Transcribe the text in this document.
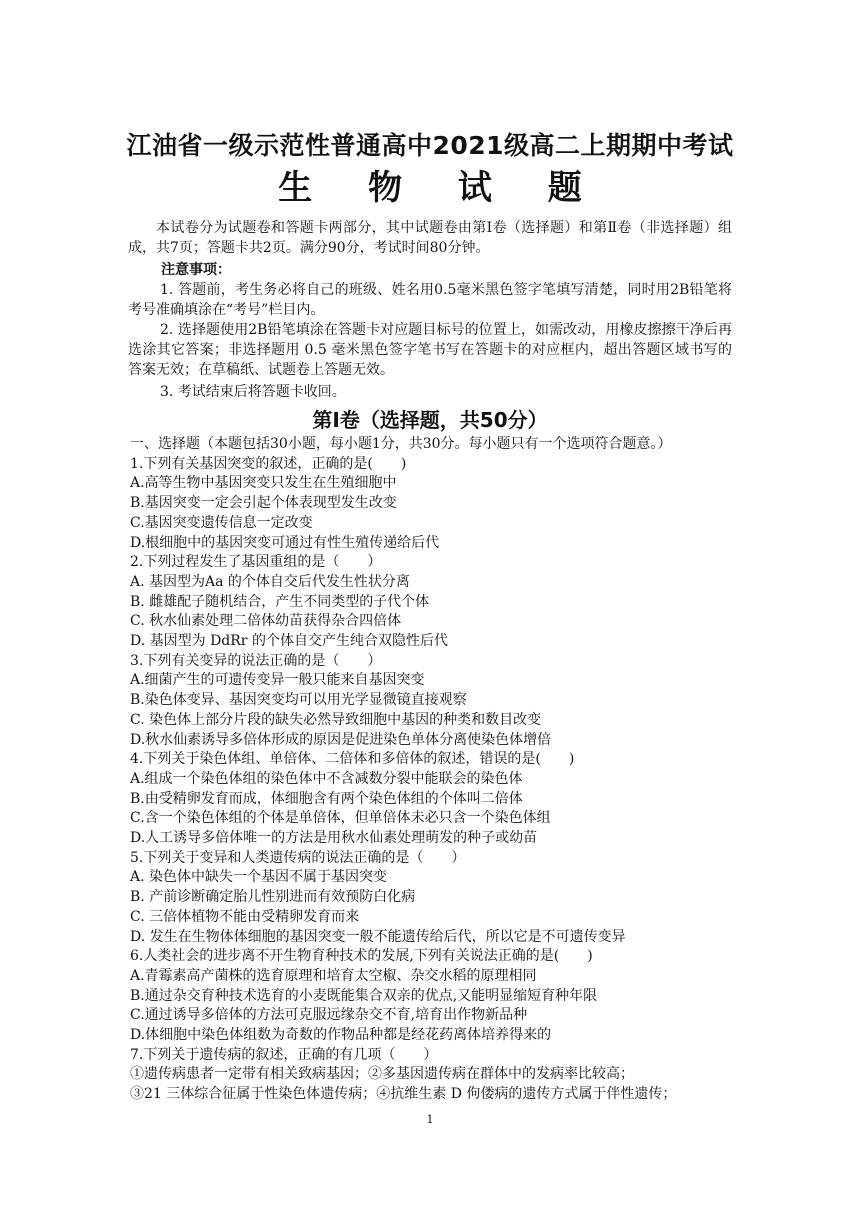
江油省一级示范性普通高中2021级高二上期期中考试
生 物 试 题
本试卷分为试题卷和答题卡两部分，其中试题卷由第Ⅰ卷（选择题）和第Ⅱ卷（非选择题）组成，共7页；答题卡共2页。满分90分，考试时间80分钟。
注意事项：
1. 答题前，考生务必将自己的班级、姓名用0.5毫米黑色签字笔填写清楚，同时用2B铅笔将考号准确填涂在“考号”栏目内。
2. 选择题使用2B铅笔填涂在答题卡对应题目标号的位置上，如需改动，用橡皮擦擦干净后再选涂其它答案；非选择题用 0.5 毫米黑色签字笔书写在答题卡的对应框内，超出答题区域书写的答案无效；在草稿纸、试题卷上答题无效。
3. 考试结束后将答题卡收回。
第Ⅰ卷（选择题，共50分）
一、选择题（本题包括30小题，每小题1分，共30分。每小题只有一个选项符合题意。）
1.下列有关基因突变的叙述，正确的是(　　)
A.高等生物中基因突变只发生在生殖细胞中
B.基因突变一定会引起个体表现型发生改变
C.基因突变遗传信息一定改变
D.根细胞中的基因突变可通过有性生殖传递给后代
2.下列过程发生了基因重组的是（　　）
A. 基因型为Aa 的个体自交后代发生性状分离
B. 雌雄配子随机结合，产生不同类型的子代个体
C. 秋水仙素处理二倍体幼苗获得杂合四倍体
D. 基因型为 DdRr 的个体自交产生纯合双隐性后代
3.下列有关变异的说法正确的是（　　）
A.细菌产生的可遗传变异一般只能来自基因突变
B.染色体变异、基因突变均可以用光学显微镜直接观察
C. 染色体上部分片段的缺失必然导致细胞中基因的种类和数目改变
D.秋水仙素诱导多倍体形成的原因是促进染色单体分离使染色体增倍
4.下列关于染色体组、单倍体、二倍体和多倍体的叙述，错误的是(　　)
A.组成一个染色体组的染色体中不含减数分裂中能联会的染色体
B.由受精卵发育而成，体细胞含有两个染色体组的个体叫二倍体
C.含一个染色体组的个体是单倍体，但单倍体未必只含一个染色体组
D.人工诱导多倍体唯一的方法是用秋水仙素处理萌发的种子或幼苗
5.下列关于变异和人类遗传病的说法正确的是（　　）
A. 染色体中缺失一个基因不属于基因突变
B. 产前诊断确定胎儿性别进而有效预防白化病
C. 三倍体植物不能由受精卵发育而来
D. 发生在生物体体细胞的基因突变一般不能遗传给后代，所以它是不可遗传变异
6.人类社会的进步离不开生物育种技术的发展,下列有关说法正确的是(　　)
A.青霉素高产菌株的选育原理和培育太空椒、杂交水稻的原理相同
B.通过杂交育种技术选育的小麦既能集合双亲的优点,又能明显缩短育种年限
C.通过诱导多倍体的方法可克服远缘杂交不育,培育出作物新品种
D.体细胞中染色体组数为奇数的作物品种都是经花药离体培养得来的
7.下列关于遗传病的叙述，正确的有几项（　　）
①遗传病患者一定带有相关致病基因；②多基因遗传病在群体中的发病率比较高；
③21 三体综合征属于性染色体遗传病；④抗维生素 D 佝偻病的遗传方式属于伴性遗传；
1
